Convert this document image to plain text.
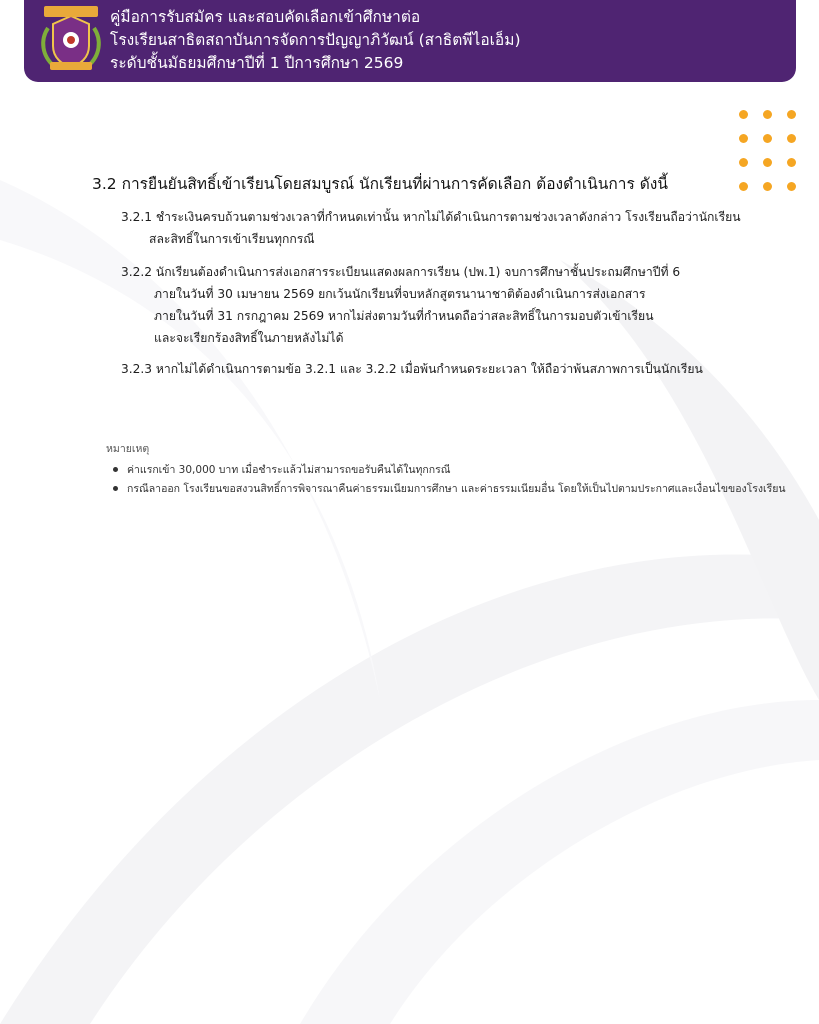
คู่มือการรับสมัคร และสอบคัดเลือกเข้าศึกษาต่อ
โรงเรียนสาธิตสถาบันการจัดการปัญญาภิวัฒน์ (สาธิตพีไอเอ็ม)
ระดับชั้นมัธยมศึกษาปีที่ 1 ปีการศึกษา 2569
3.2 การยืนยันสิทธิ์เข้าเรียนโดยสมบูรณ์ นักเรียนที่ผ่านการคัดเลือก ต้องดำเนินการ ดังนี้
3.2.1 ชำระเงินครบถ้วนตามช่วงเวลาที่กำหนดเท่านั้น หากไม่ได้ดำเนินการตามช่วงเวลาดังกล่าว โรงเรียนถือว่านักเรียน
สละสิทธิ์ในการเข้าเรียนทุกกรณี
3.2.2 นักเรียนต้องดำเนินการส่งเอกสารระเบียนแสดงผลการเรียน (ปพ.1) จบการศึกษาชั้นประถมศึกษาปีที่ 6
ภายในวันที่ 30 เมษายน 2569 ยกเว้นนักเรียนที่จบหลักสูตรนานาชาติต้องดำเนินการส่งเอกสาร
ภายในวันที่ 31 กรกฎาคม 2569 หากไม่ส่งตามวันที่กำหนดถือว่าสละสิทธิ์ในการมอบตัวเข้าเรียน
และจะเรียกร้องสิทธิ์ในภายหลังไม่ได้
3.2.3 หากไม่ได้ดำเนินการตามข้อ 3.2.1 และ 3.2.2 เมื่อพ้นกำหนดระยะเวลา ให้ถือว่าพ้นสภาพการเป็นนักเรียน
หมายเหตุ
ค่าแรกเข้า 30,000 บาท เมื่อชำระแล้วไม่สามารถขอรับคืนได้ในทุกกรณี
กรณีลาออก โรงเรียนขอสงวนสิทธิ์การพิจารณาคืนค่าธรรมเนียมการศึกษา และค่าธรรมเนียมอื่น โดยให้เป็นไปตามประกาศและเงื่อนไขของโรงเรียน
